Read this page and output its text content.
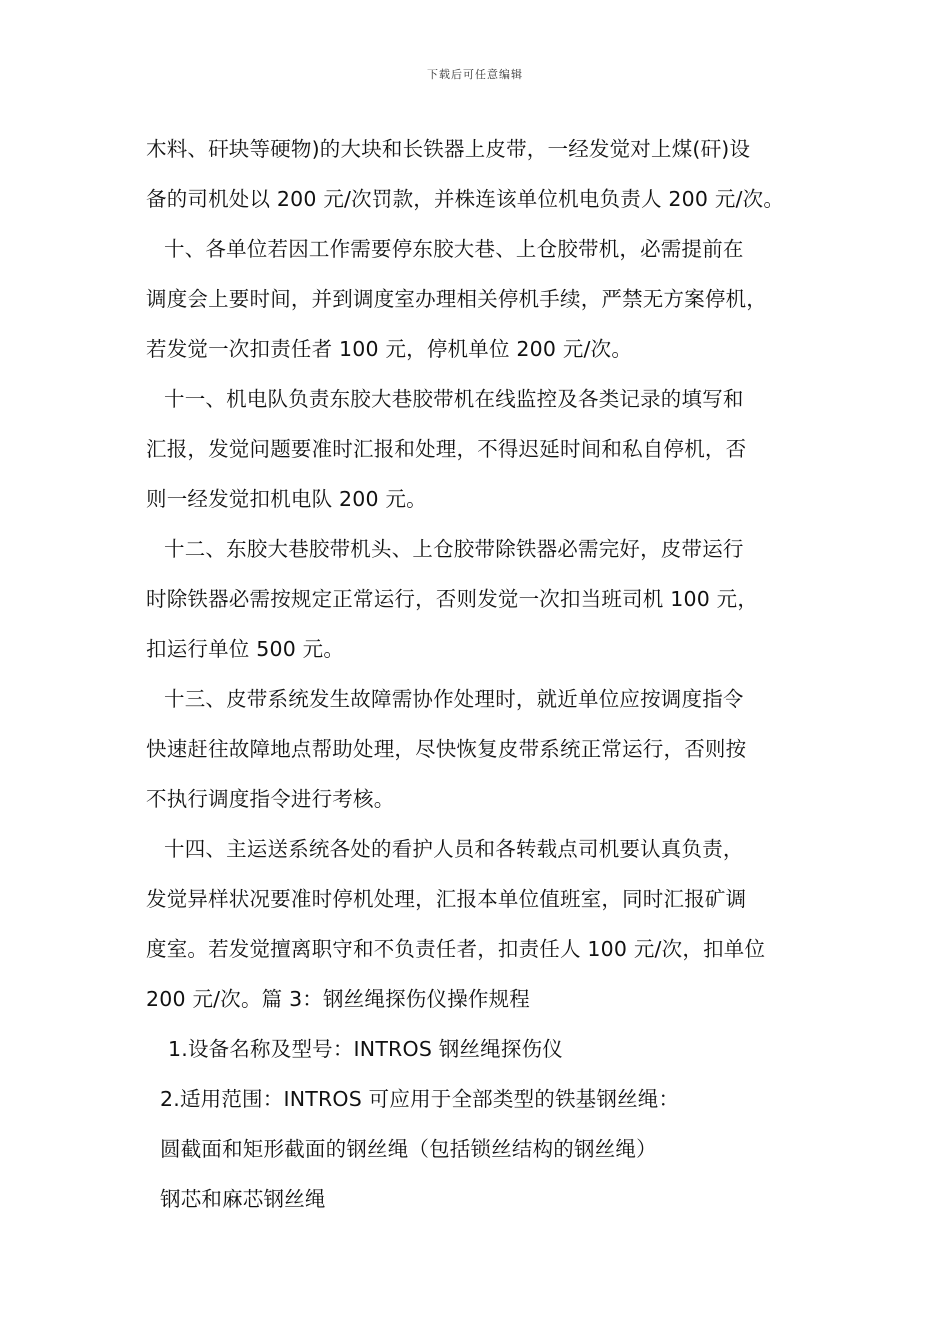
下载后可任意编辑
木料、矸块等硬物)的大块和长铁器上皮带，一经发觉对上煤(矸)设
备的司机处以 200 元/次罚款，并株连该单位机电负责人 200 元/次。
十、各单位若因工作需要停东胶大巷、上仓胶带机，必需提前在
调度会上要时间，并到调度室办理相关停机手续，严禁无方案停机，
若发觉一次扣责任者 100 元，停机单位 200 元/次。
十一、机电队负责东胶大巷胶带机在线监控及各类记录的填写和
汇报，发觉问题要准时汇报和处理，不得迟延时间和私自停机，否
则一经发觉扣机电队 200 元。
十二、东胶大巷胶带机头、上仓胶带除铁器必需完好，皮带运行
时除铁器必需按规定正常运行，否则发觉一次扣当班司机 100 元，
扣运行单位 500 元。
十三、皮带系统发生故障需协作处理时，就近单位应按调度指令
快速赶往故障地点帮助处理，尽快恢复皮带系统正常运行，否则按
不执行调度指令进行考核。
十四、主运送系统各处的看护人员和各转载点司机要认真负责，
发觉异样状况要准时停机处理，汇报本单位值班室，同时汇报矿调
度室。若发觉擅离职守和不负责任者，扣责任人 100 元/次，扣单位
200 元/次。篇 3：钢丝绳探伤仪操作规程
1.设备名称及型号：INTROS 钢丝绳探伤仪
2.适用范围：INTROS 可应用于全部类型的铁基钢丝绳：
圆截面和矩形截面的钢丝绳（包括锁丝结构的钢丝绳）
钢芯和麻芯钢丝绳
